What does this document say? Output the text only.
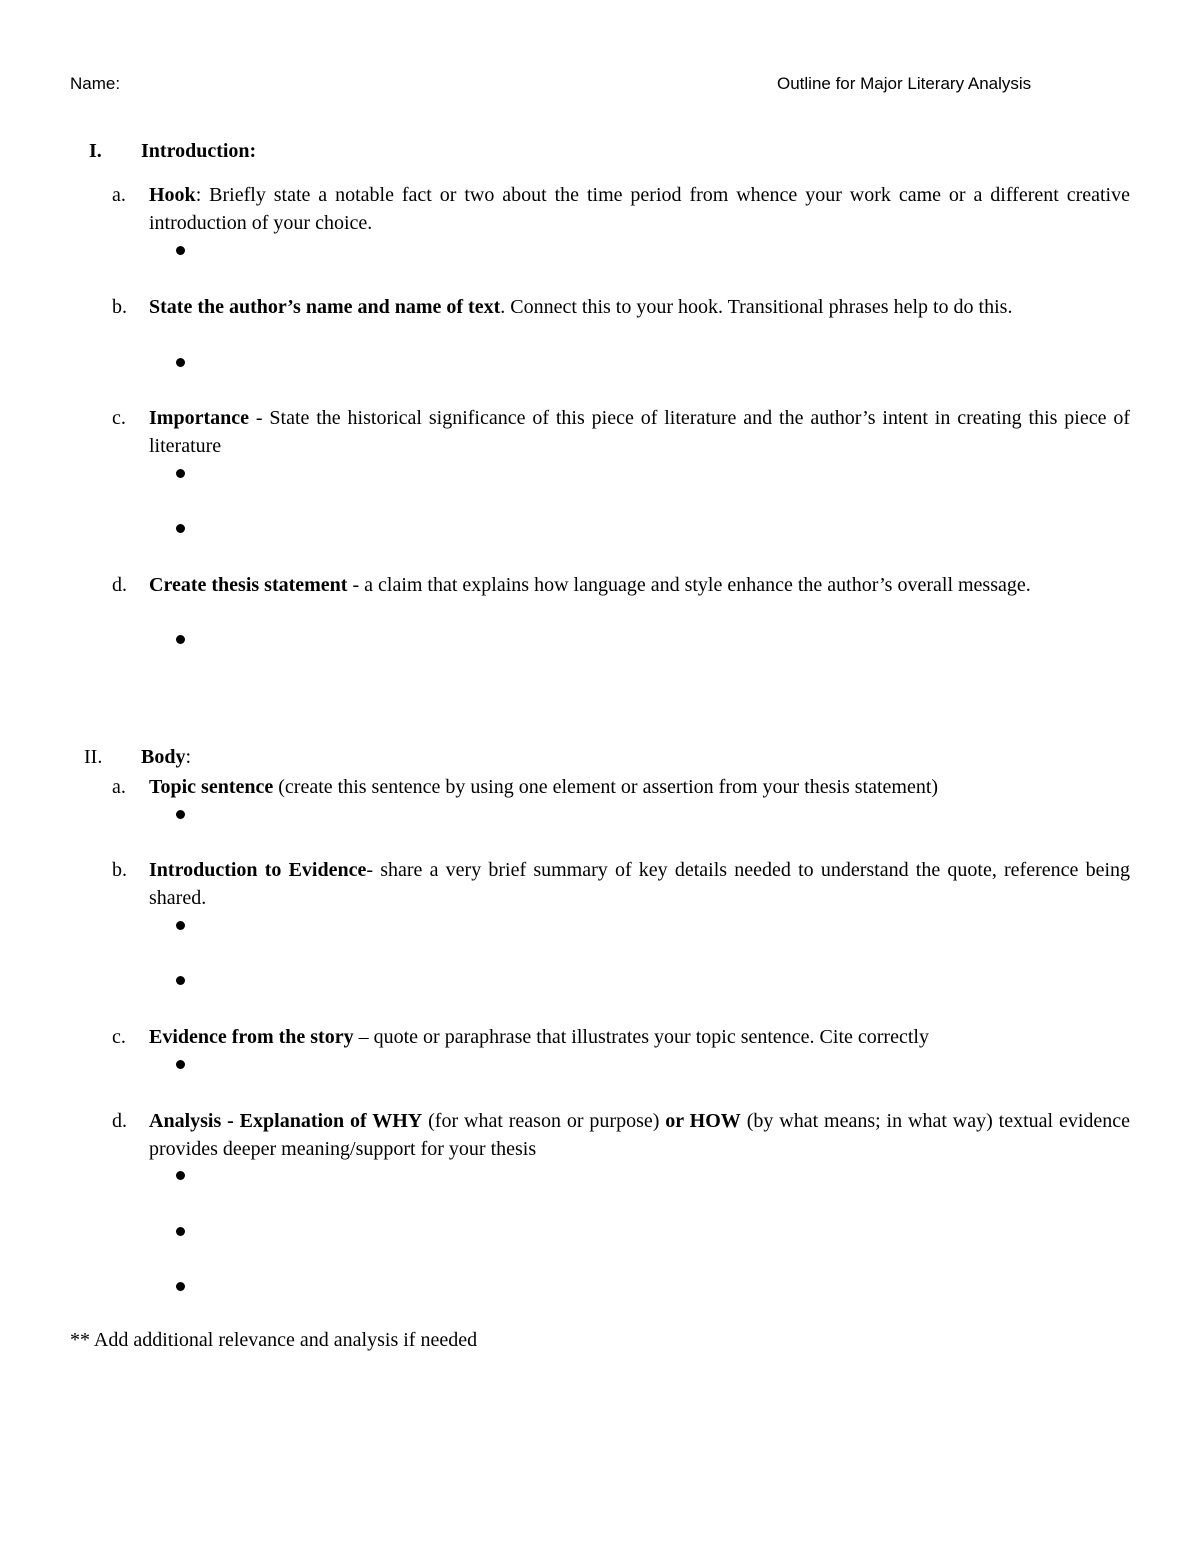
Name:	Outline for Major Literary Analysis
I. Introduction:
a. Hook: Briefly state a notable fact or two about the time period from whence your work came or a different creative introduction of your choice.
b. State the author’s name and name of text. Connect this to your hook. Transitional phrases help to do this.
c. Importance - State the historical significance of this piece of literature and the author’s intent in creating this piece of literature
d. Create thesis statement - a claim that explains how language and style enhance the author’s overall message.
II. Body:
a. Topic sentence (create this sentence by using one element or assertion from your thesis statement)
b. Introduction to Evidence- share a very brief summary of key details needed to understand the quote, reference being shared.
c. Evidence from the story – quote or paraphrase that illustrates your topic sentence. Cite correctly
d. Analysis - Explanation of WHY (for what reason or purpose) or HOW (by what means; in what way) textual evidence provides deeper meaning/support for your thesis
** Add additional relevance and analysis if needed
